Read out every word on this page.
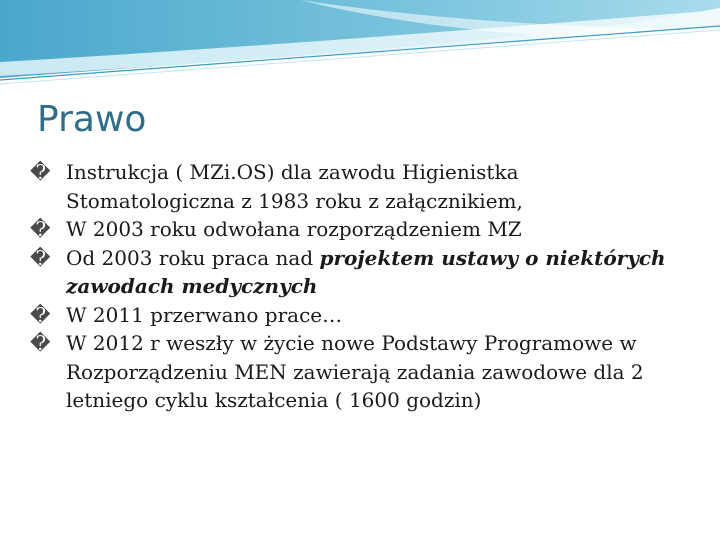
Prawo
� Instrukcja ( MZi.OS) dla zawodu Higienistka Stomatologiczna z 1983 roku z załącznikiem,
� W 2003 roku odwołana rozporządzeniem MZ
� Od 2003 roku praca nad projektem ustawy o niektórych zawodach medycznych
� W 2011 przerwano prace…
� W 2012 r weszły w życie nowe Podstawy Programowe w Rozporządzeniu MEN zawierają zadania zawodowe dla 2 letniego cyklu kształcenia ( 1600 godzin)
